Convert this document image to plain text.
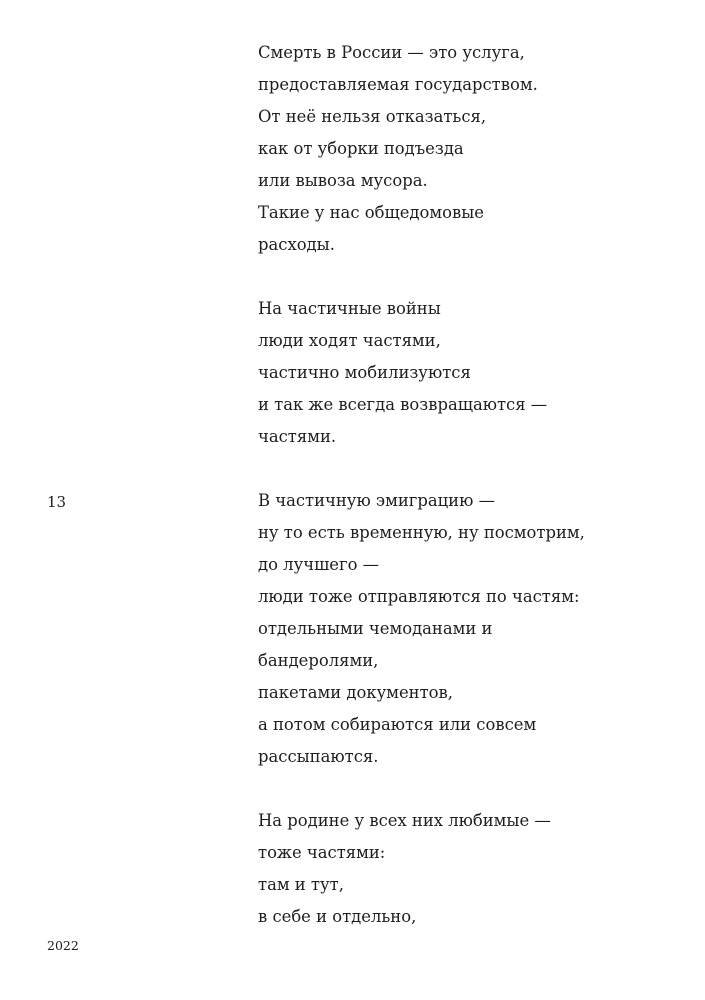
Смерть в России — это услуга,
предоставляемая государством.
От неё нельзя отказаться,
как от уборки подъезда
или вывоза мусора.
Такие у нас общедомовые
расходы.
На частичные войны
люди ходят частями,
частично мобилизуются
и так же всегда возвращаются —
частями.
В частичную эмиграцию —
ну то есть временную, ну посмотрим,
до лучшего —
люди тоже отправляются по частям:
отдельными чемоданами и
бандеролями,
пакетами документов,
а потом собираются или совсем
рассыпаются.
На родине у всех них любимые —
тоже частями:
там и тут,
в себе и отдельно,
13
2022
